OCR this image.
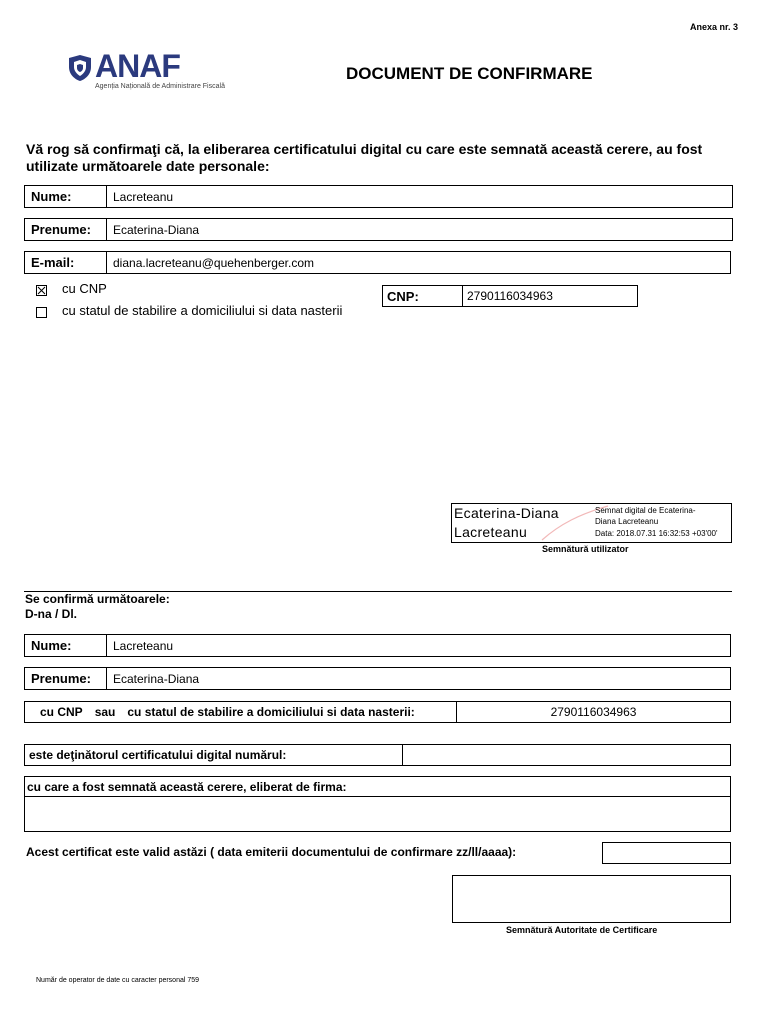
Anexa nr. 3
ANAF
Agenția Națională de Administrare Fiscală
DOCUMENT DE CONFIRMARE
Vă rog să confirmaţi că, la eliberarea certificatului digital cu care este semnată această cerere, au fost utilizate următoarele date personale:
Nume:	Lacreteanu
Prenume:	Ecaterina-Diana
E-mail:	diana.lacreteanu@quehenberger.com
cu CNP
cu statul de stabilire a domiciliului si data nasterii
CNP:	2790116034963
Ecaterina-Diana
Lacreteanu
Semnat digital de Ecaterina-
Diana Lacreteanu
Data: 2018.07.31 16:32:53 +03'00'
Semnătură utilizator
Se confirmă următoarele:
D-na / Dl.
Nume:	Lacreteanu
Prenume:	Ecaterina-Diana
cu CNP sau cu statul de stabilire a domiciliului si data nasterii:	2790116034963
este deţinătorul certificatului digital numărul:
cu care a fost semnată această cerere, eliberat de firma:
Acest certificat este valid astăzi ( data emiterii documentului de confirmare zz/ll/aaaa):
Semnătură Autoritate de Certificare
Număr de operator de date cu caracter personal 759
